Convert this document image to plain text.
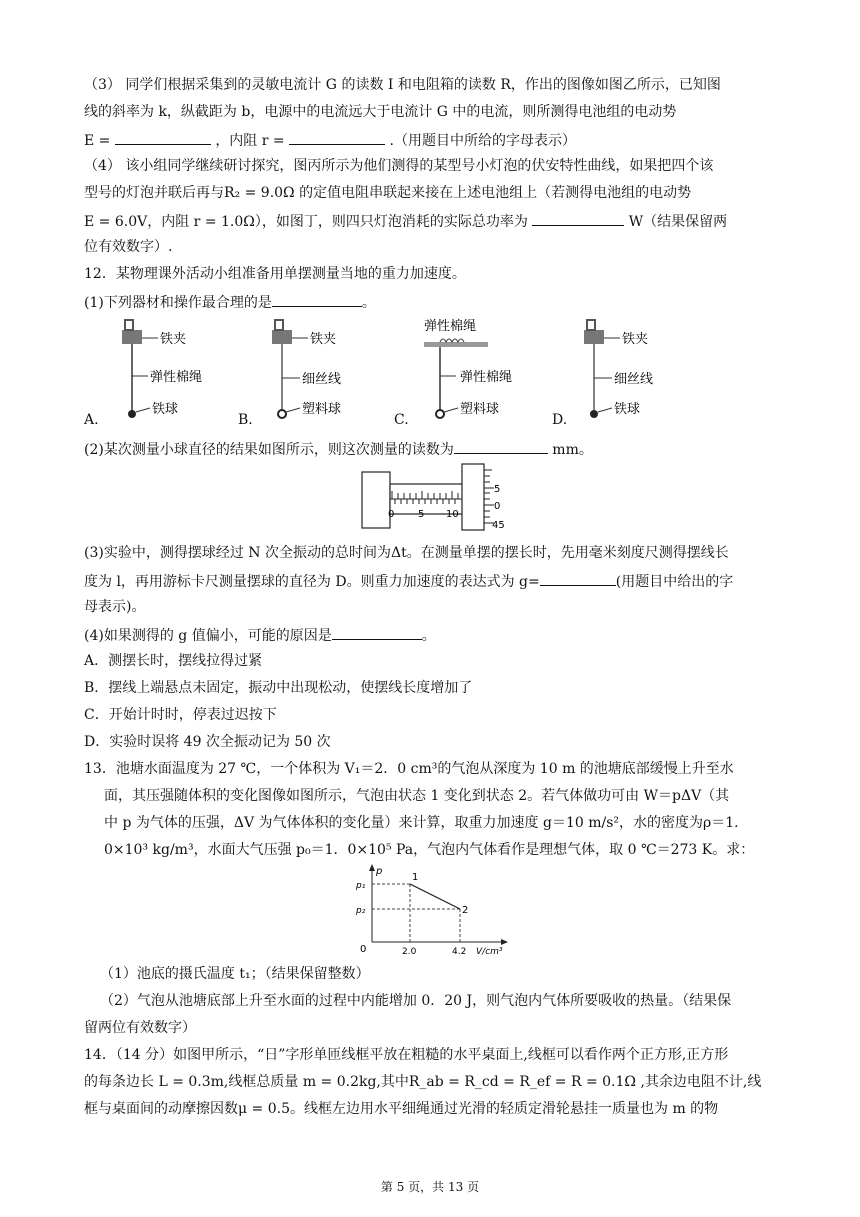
（3） 同学们根据采集到的灵敏电流计 G 的读数 I 和电阻箱的读数 R，作出的图像如图乙所示，已知图
线的斜率为 k，纵截距为 b，电源中的电流远大于电流计 G 中的电流，则所测得电池组的电动势
E =	，内阻 r =	.（用题目中所给的字母表示）
（4） 该小组同学继续研讨探究，图丙所示为他们测得的某型号小灯泡的伏安特性曲线，如果把四个该
型号的灯泡并联后再与R₂ = 9.0Ω 的定值电阻串联起来接在上述电池组上（若测得电池组的电动势
E = 6.0V，内阻 r = 1.0Ω），如图丁，则四只灯泡消耗的实际总功率为	W（结果保留两
位有效数字）.
12．某物理课外活动小组准备用单摆测量当地的重力加速度。
(1)下列器材和操作最合理的是	。
铁夹
弹性棉绳
铁球
铁夹
细丝线
塑料球
弹性棉绳
弹性棉绳
塑料球
铁夹
细丝线
铁球
A.	B.	C.	D.
(2)某次测量小球直径的结果如图所示，则这次测量的读数为	mm。
0 5 10
5
0
45
(3)实验中，测得摆球经过 N 次全振动的总时间为Δt。在测量单摆的摆长时，先用毫米刻度尺测得摆线长
度为 l，再用游标卡尺测量摆球的直径为 D。则重力加速度的表达式为 g=	(用题目中给出的字
母表示)。
(4)如果测得的 g 值偏小，可能的原因是	。
A．测摆长时，摆线拉得过紧
B．摆线上端悬点未固定，振动中出现松动，使摆线长度增加了
C．开始计时时，停表过迟按下
D．实验时误将 49 次全振动记为 50 次
13．池塘水面温度为 27 ℃，一个体积为 V₁＝2．0 cm³的气泡从深度为 10 m 的池塘底部缓慢上升至水
面，其压强随体积的变化图像如图所示，气泡由状态 1 变化到状态 2。若气体做功可由 W＝pΔV（其
中 p 为气体的压强，ΔV 为气体体积的变化量）来计算，取重力加速度 g＝10 m/s²，水的密度为ρ＝1．
0×10³ kg/m³，水面大气压强 p₀＝1．0×10⁵ Pa，气泡内气体看作是理想气体，取 0 ℃＝273 K。求：
p
V/cm³
p₁
p₂
0	2.0	4.2
1
2
（1）池底的摄氏温度 t₁；（结果保留整数）
（2）气泡从池塘底部上升至水面的过程中内能增加 0．20 J，则气泡内气体所要吸收的热量。（结果保
留两位有效数字）
14．（14 分）如图甲所示，“日”字形单匝线框平放在粗糙的水平桌面上,线框可以看作两个正方形,正方形
的每条边长 L = 0.3m,线框总质量 m = 0.2kg,其中R_ab = R_cd = R_ef = R = 0.1Ω ,其余边电阻不计,线
框与桌面间的动摩擦因数μ = 0.5。线框左边用水平细绳通过光滑的轻质定滑轮悬挂一质量也为 m 的物
第 5 页，共 13 页
